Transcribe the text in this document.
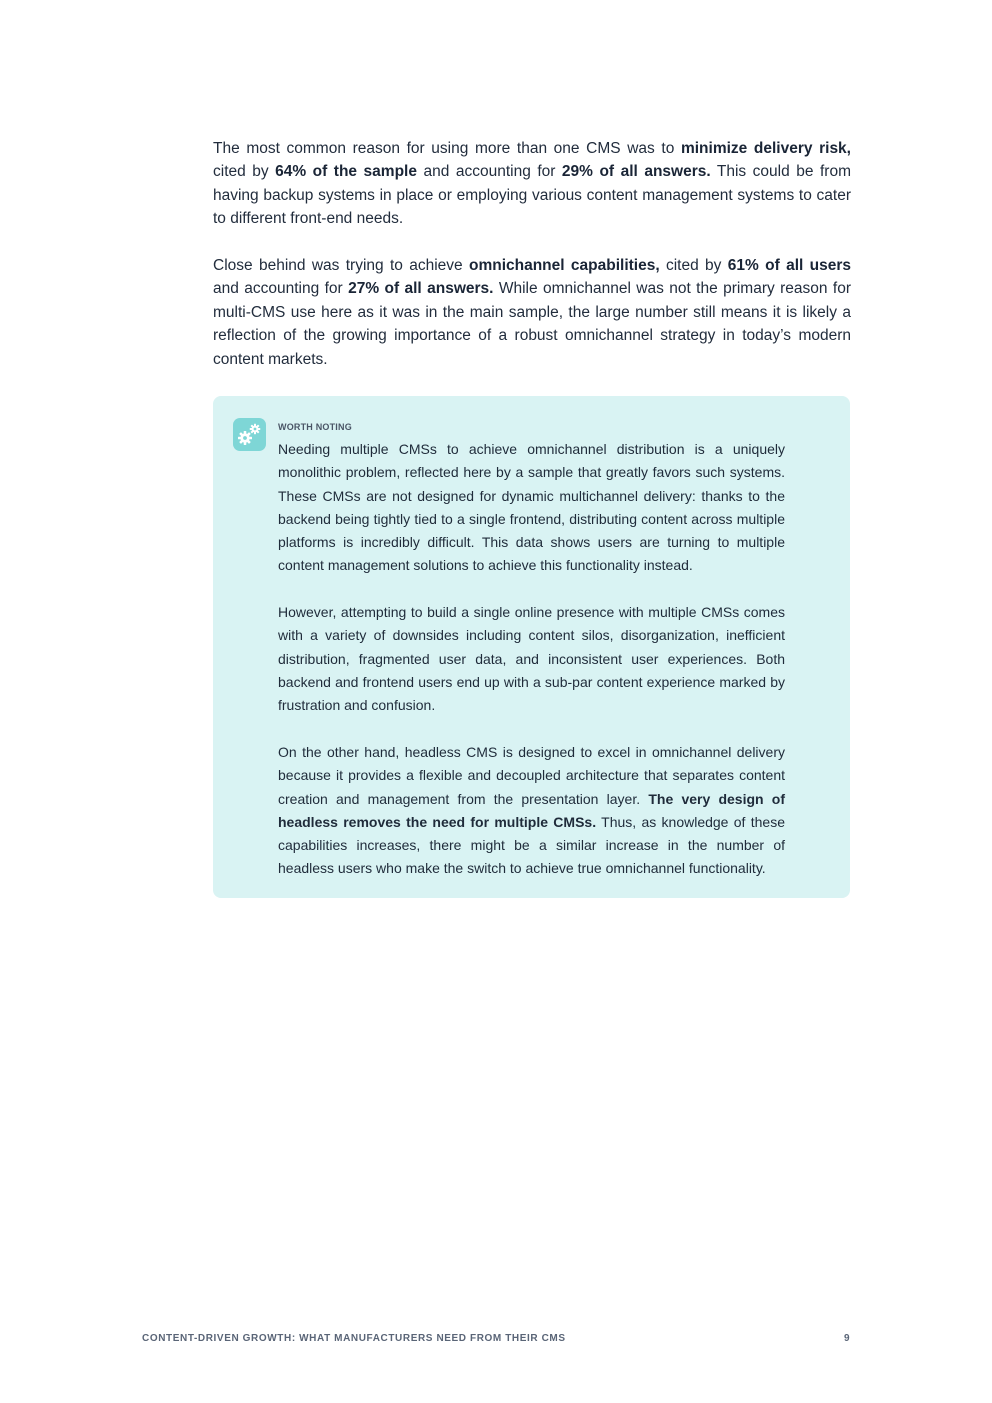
The most common reason for using more than one CMS was to minimize delivery risk, cited by 64% of the sample and accounting for 29% of all answers. This could be from having backup systems in place or employing various content management systems to cater to different front-end needs.

Close behind was trying to achieve omnichannel capabilities, cited by 61% of all users and accounting for 27% of all answers. While omnichannel was not the primary reason for multi-CMS use here as it was in the main sample, the large number still means it is likely a reflection of the growing importance of a robust omnichannel strategy in today’s modern content markets.

WORTH NOTING

Needing multiple CMSs to achieve omnichannel distribution is a uniquely monolithic problem, reflected here by a sample that greatly favors such systems. These CMSs are not designed for dynamic multichannel delivery: thanks to the backend being tightly tied to a single frontend, distributing content across multiple platforms is incredibly difficult. This data shows users are turning to multiple content management solutions to achieve this functionality instead.

However, attempting to build a single online presence with multiple CMSs comes with a variety of downsides including content silos, disorganization, inefficient distribution, fragmented user data, and inconsistent user experiences. Both backend and frontend users end up with a sub-par content experience marked by frustration and confusion.

On the other hand, headless CMS is designed to excel in omnichannel delivery because it provides a flexible and decoupled architecture that separates content creation and management from the presentation layer. The very design of headless removes the need for multiple CMSs. Thus, as knowledge of these capabilities increases, there might be a similar increase in the number of headless users who make the switch to achieve true omnichannel functionality.

CONTENT-DRIVEN GROWTH: WHAT MANUFACTURERS NEED FROM THEIR CMS	9
